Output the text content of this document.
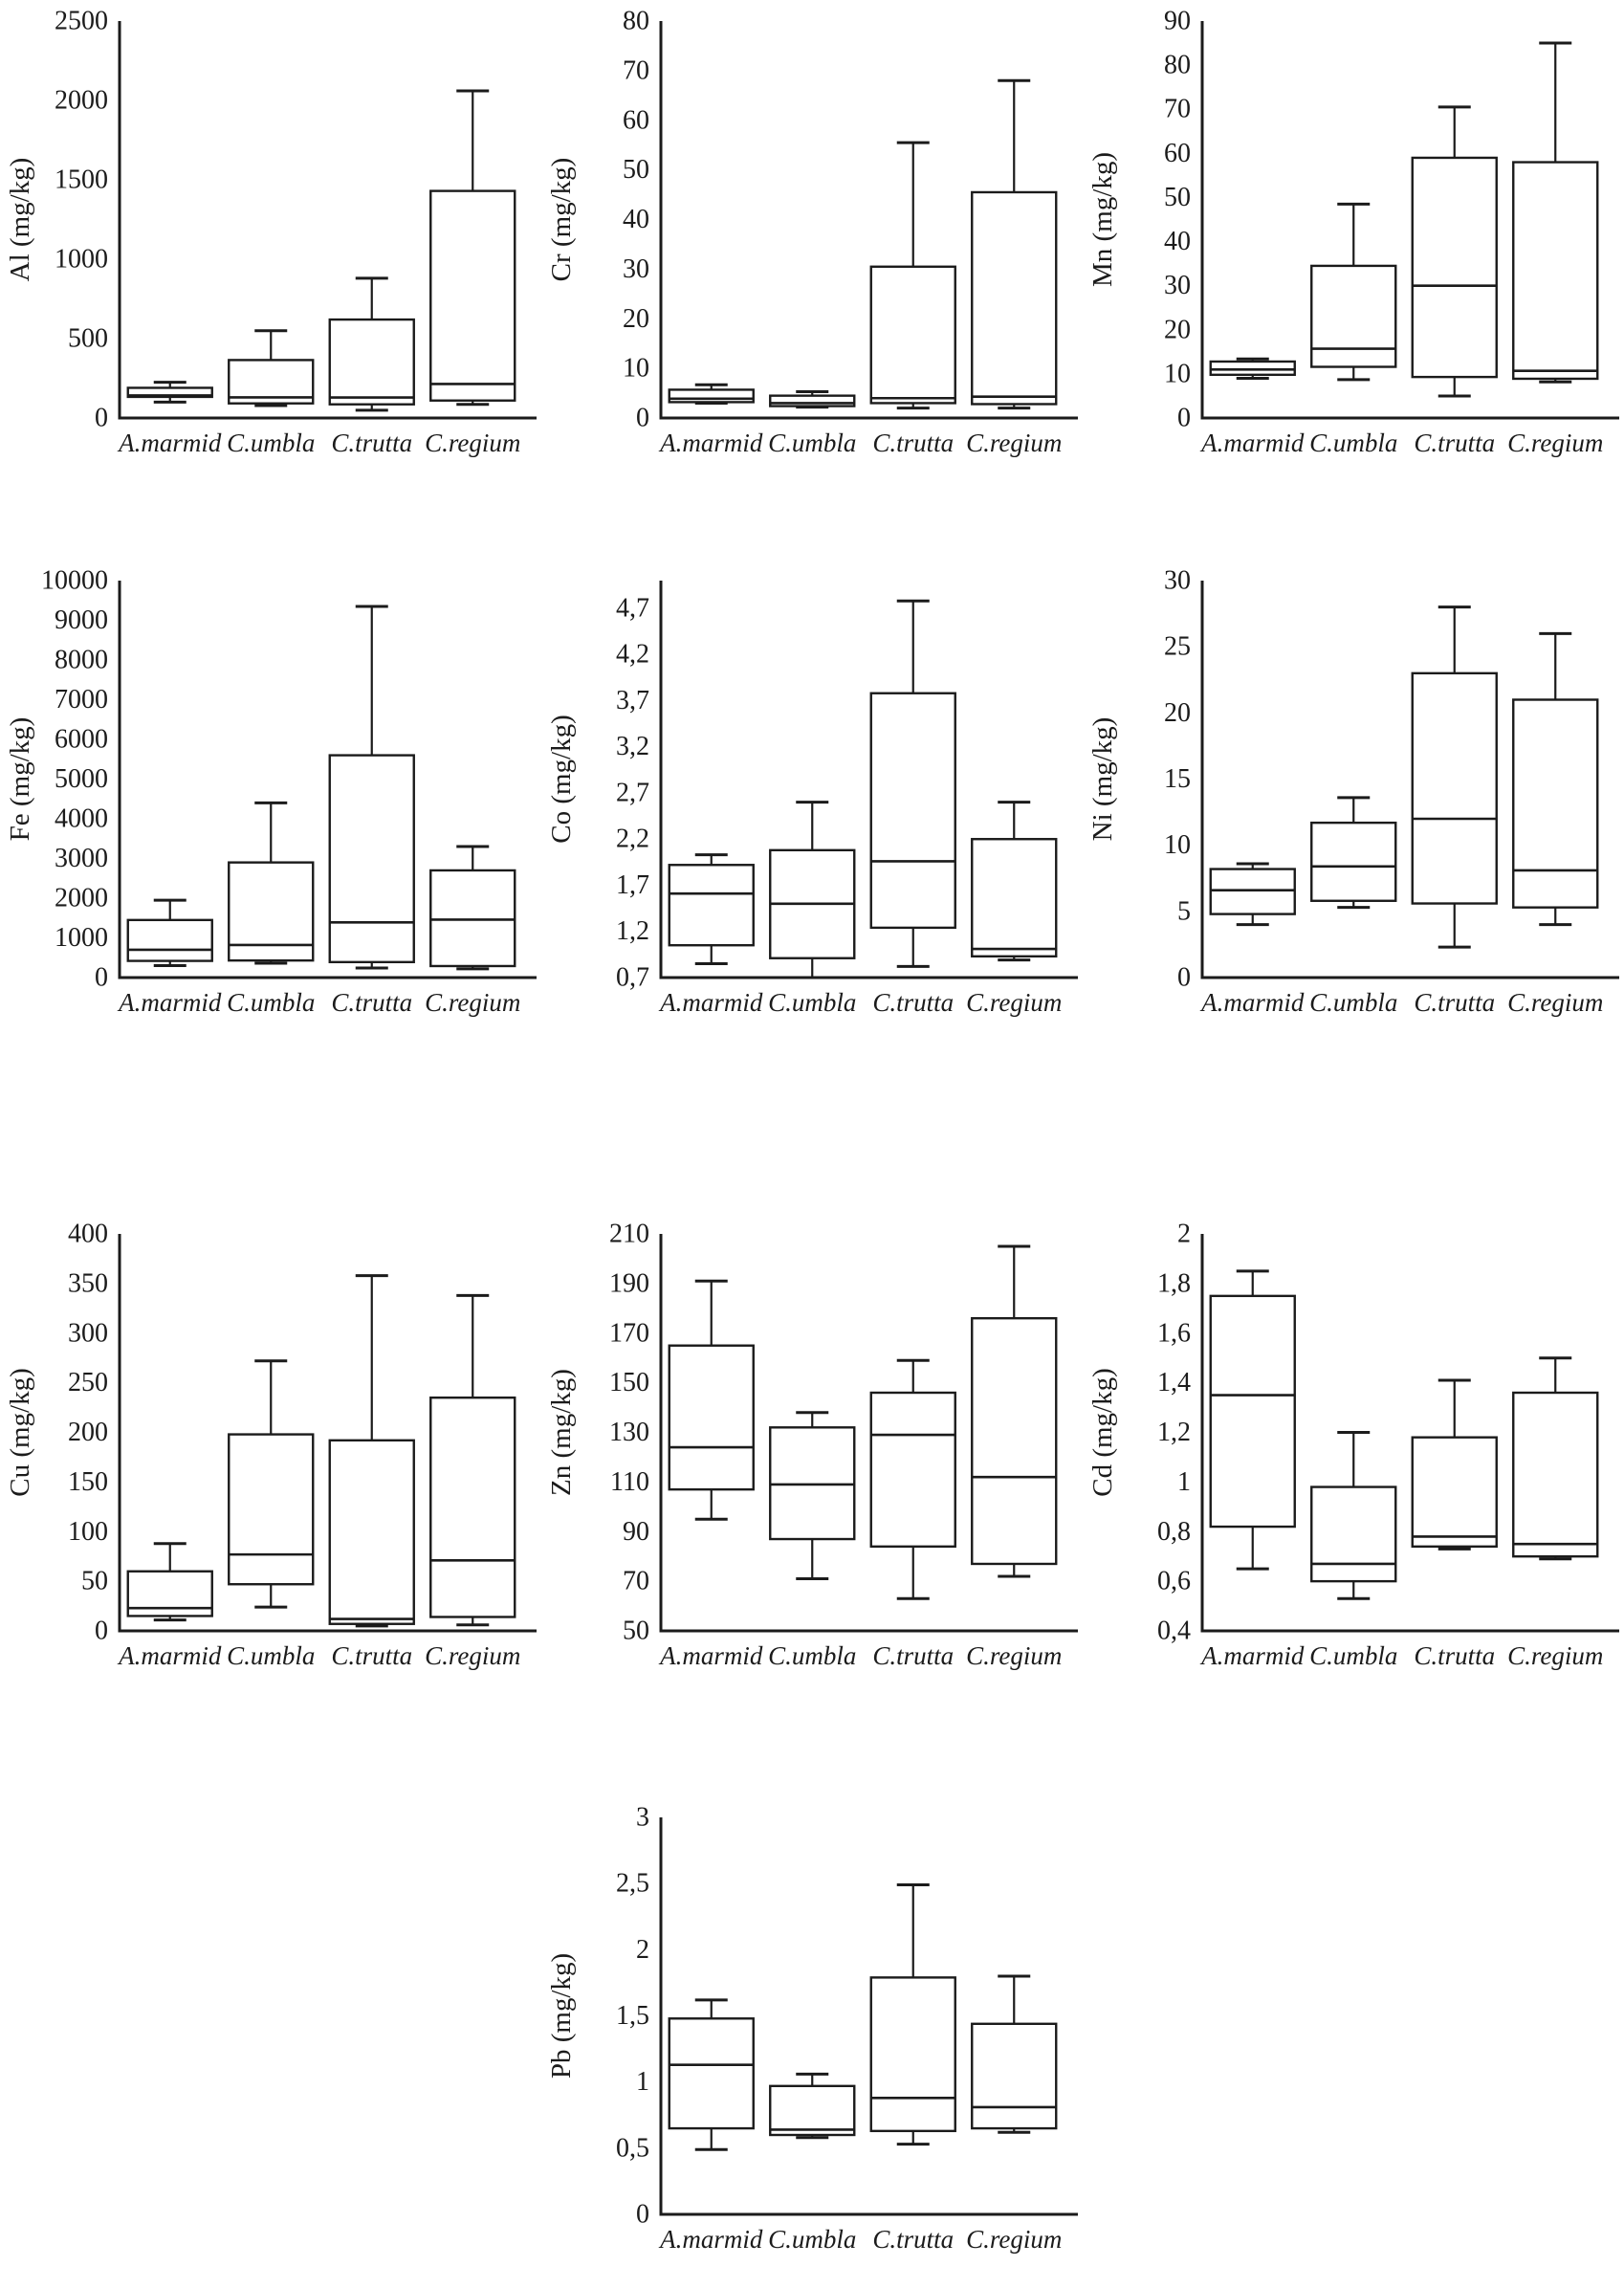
0
500
1000
1500
2000
2500
Al (mg/kg)
A.marmid C.umbla C.trutta C.regium
0
10
20
30
40
50
60
70
80
Cr (mg/kg)
A.marmid C.umbla C.trutta C.regium
0
10
20
30
40
50
60
70
80
90
Mn (mg/kg)
A.marmid C.umbla C.trutta C.regium
0
1000
2000
3000
4000
5000
6000
7000
8000
9000
10000
Fe (mg/kg)
A.marmid C.umbla C.trutta C.regium
0,7
1,2
1,7
2,2
2,7
3,2
3,7
4,2
4,7
Co (mg/kg)
A.marmid C.umbla C.trutta C.regium
0
5
10
15
20
25
30
Ni (mg/kg)
A.marmid C.umbla C.trutta C.regium
0
50
100
150
200
250
300
350
400
Cu (mg/kg)
A.marmid C.umbla C.trutta C.regium
50
70
90
110
130
150
170
190
210
Zn (mg/kg)
A.marmid C.umbla C.trutta C.regium
0,4
0,6
0,8
1
1,2
1,4
1,6
1,8
2
Cd (mg/kg)
A.marmid C.umbla C.trutta C.regium
0
0,5
1
1,5
2
2,5
3
Pb (mg/kg)
A.marmid C.umbla C.trutta C.regium
